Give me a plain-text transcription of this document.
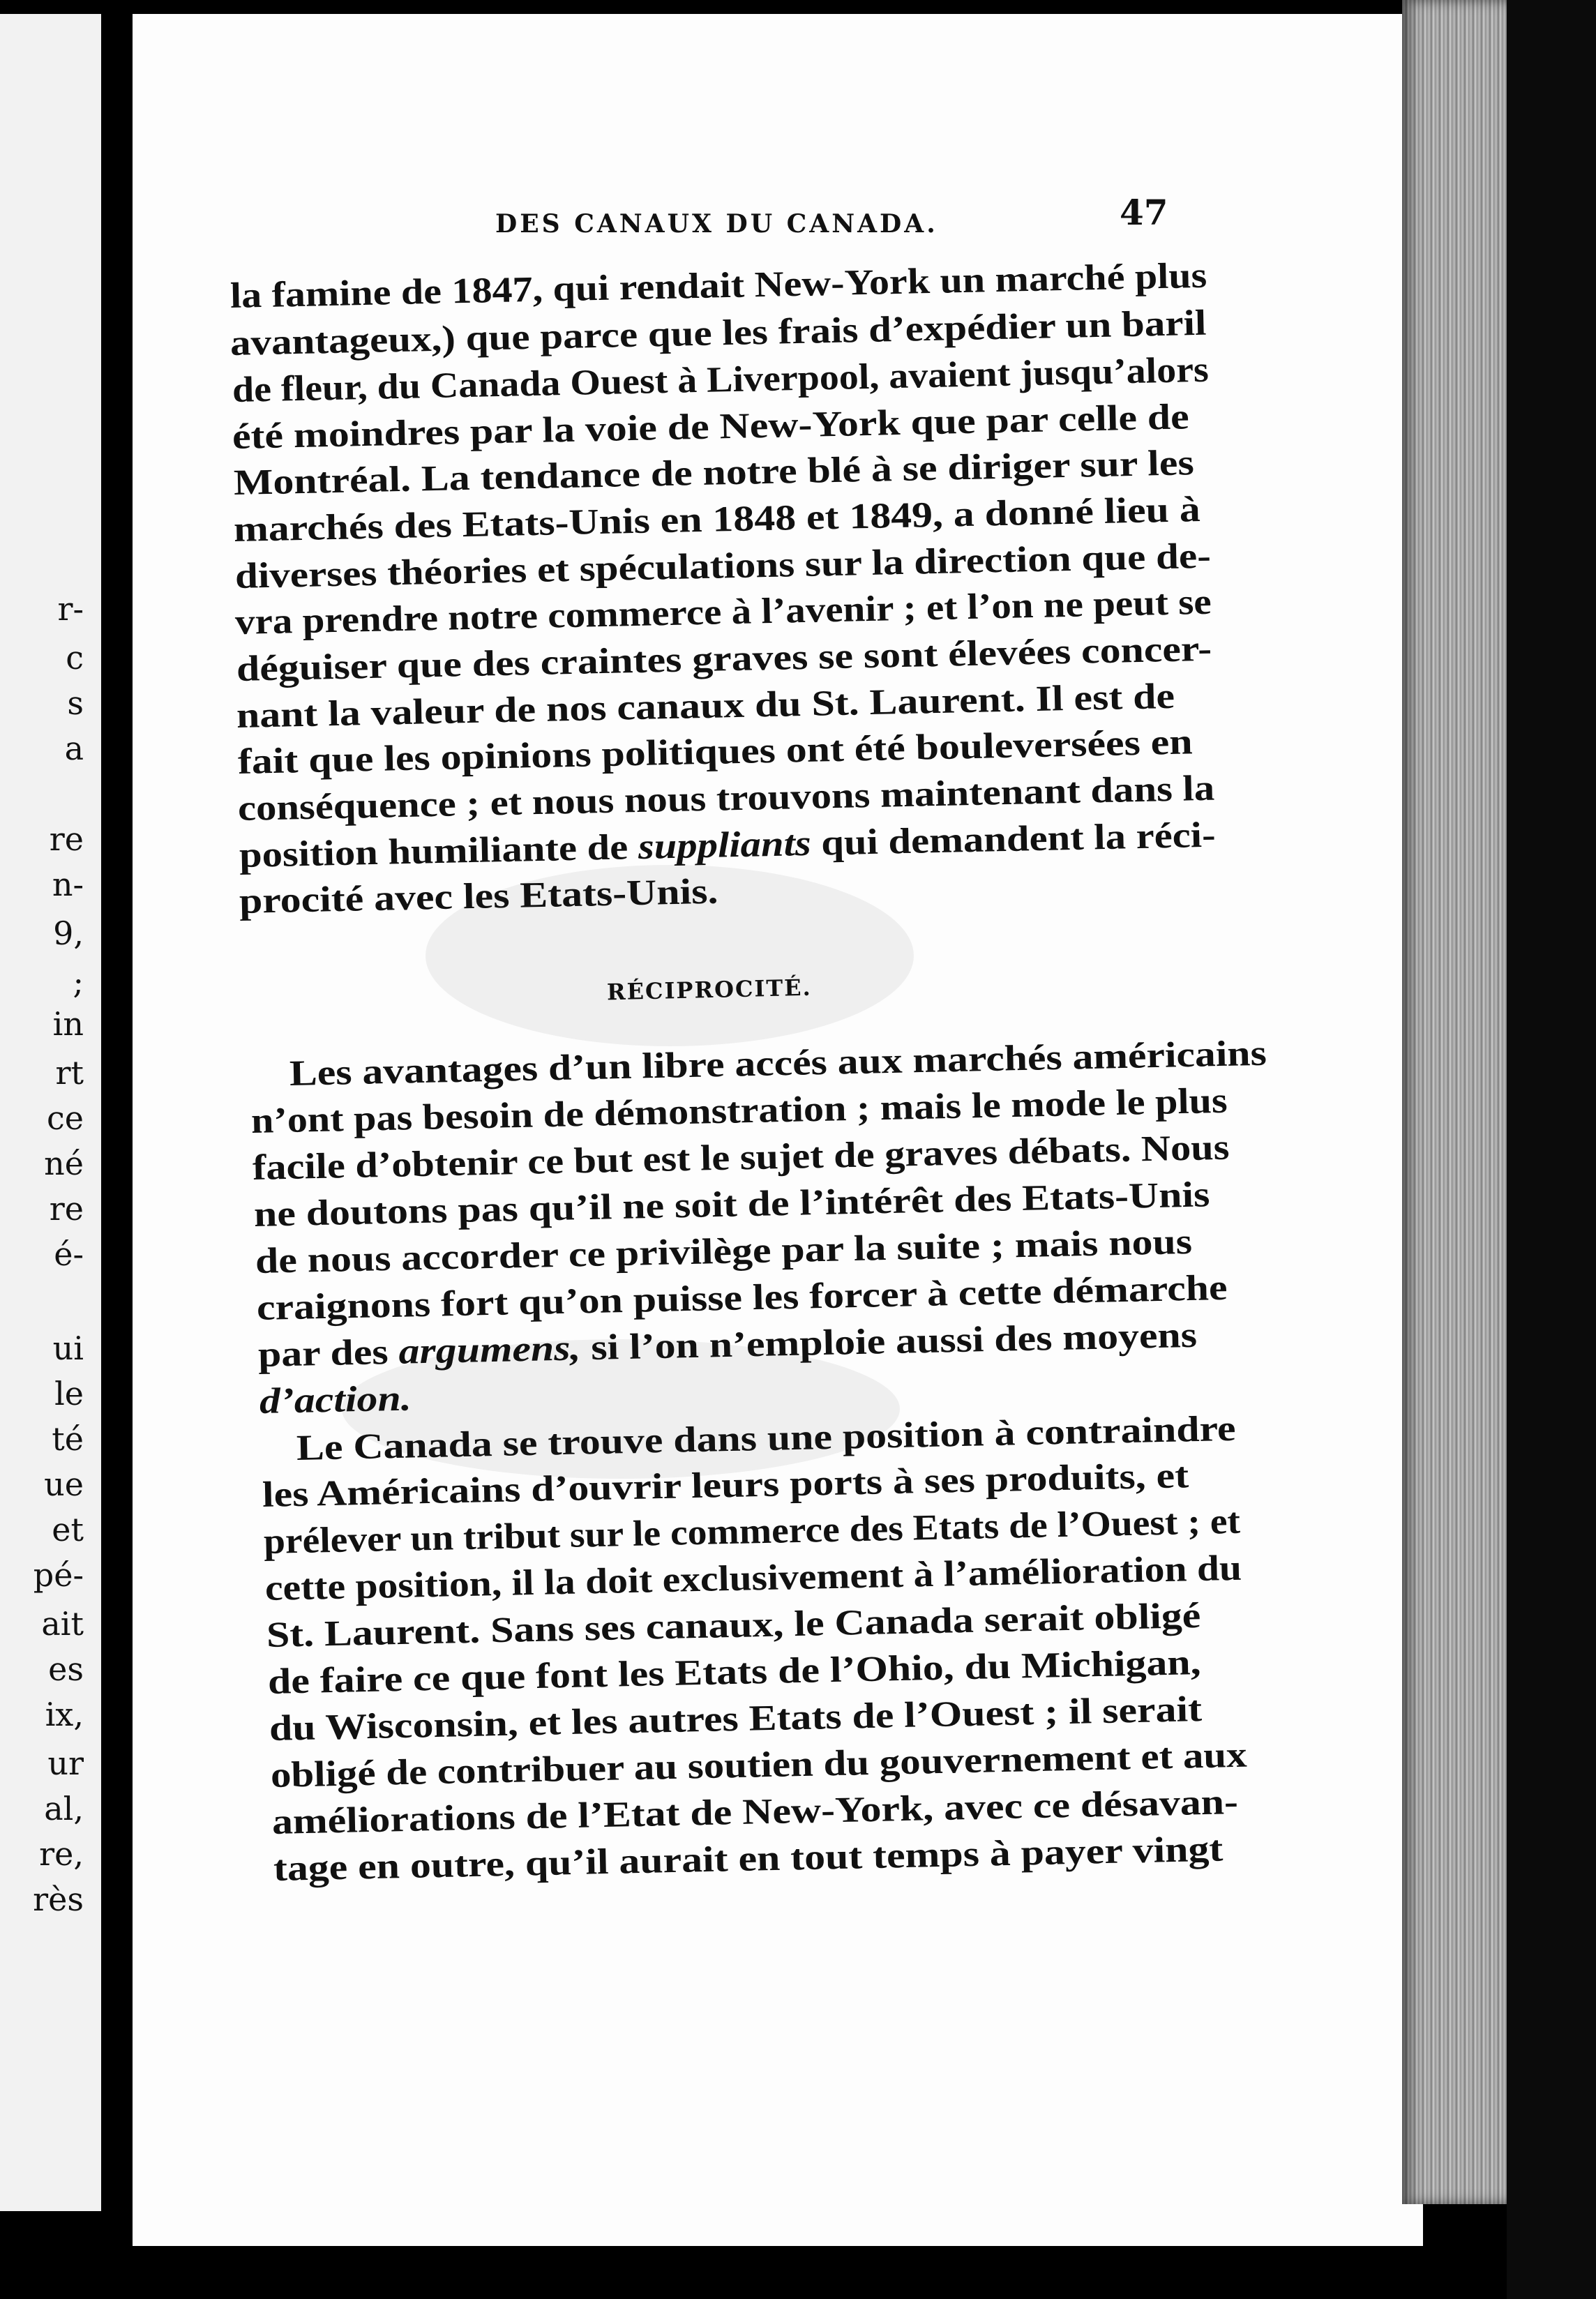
r-
c
s
a
re
n-
9,
;
in
rt
ce
né
re
é-
ui
le
té
ue
et
pé-
ait
es
ix,
ur
al,
re,
rès
DES CANAUX DU CANADA.	47
la famine de 1847, qui rendait New-York un marché plus
avantageux,) que parce que les frais d’expédier un baril
de fleur, du Canada Ouest à Liverpool, avaient jusqu’alors
été moindres par la voie de New-York que par celle de
Montréal. La tendance de notre blé à se diriger sur les
marchés des Etats-Unis en 1848 et 1849, a donné lieu à
diverses théories et spéculations sur la direction que de-
vra prendre notre commerce à l’avenir ; et l’on ne peut se
déguiser que des craintes graves se sont élevées concer-
nant la valeur de nos canaux du St. Laurent. Il est de
fait que les opinions politiques ont été bouleversées en
conséquence ; et nous nous trouvons maintenant dans la
position humiliante de suppliants qui demandent la réci-
procité avec les Etats-Unis.
RÉCIPROCITÉ.
Les avantages d’un libre accés aux marchés américains
n’ont pas besoin de démonstration ; mais le mode le plus
facile d’obtenir ce but est le sujet de graves débats. Nous
ne doutons pas qu’il ne soit de l’intérêt des Etats-Unis
de nous accorder ce privilège par la suite ; mais nous
craignons fort qu’on puisse les forcer à cette démarche
par des argumens, si l’on n’emploie aussi des moyens
d’action.
Le Canada se trouve dans une position à contraindre
les Américains d’ouvrir leurs ports à ses produits, et
prélever un tribut sur le commerce des Etats de l’Ouest ; et
cette position, il la doit exclusivement à l’amélioration du
St. Laurent. Sans ses canaux, le Canada serait obligé
de faire ce que font les Etats de l’Ohio, du Michigan,
du Wisconsin, et les autres Etats de l’Ouest ; il serait
obligé de contribuer au soutien du gouvernement et aux
améliorations de l’Etat de New-York, avec ce désavan-
tage en outre, qu’il aurait en tout temps à payer vingt
